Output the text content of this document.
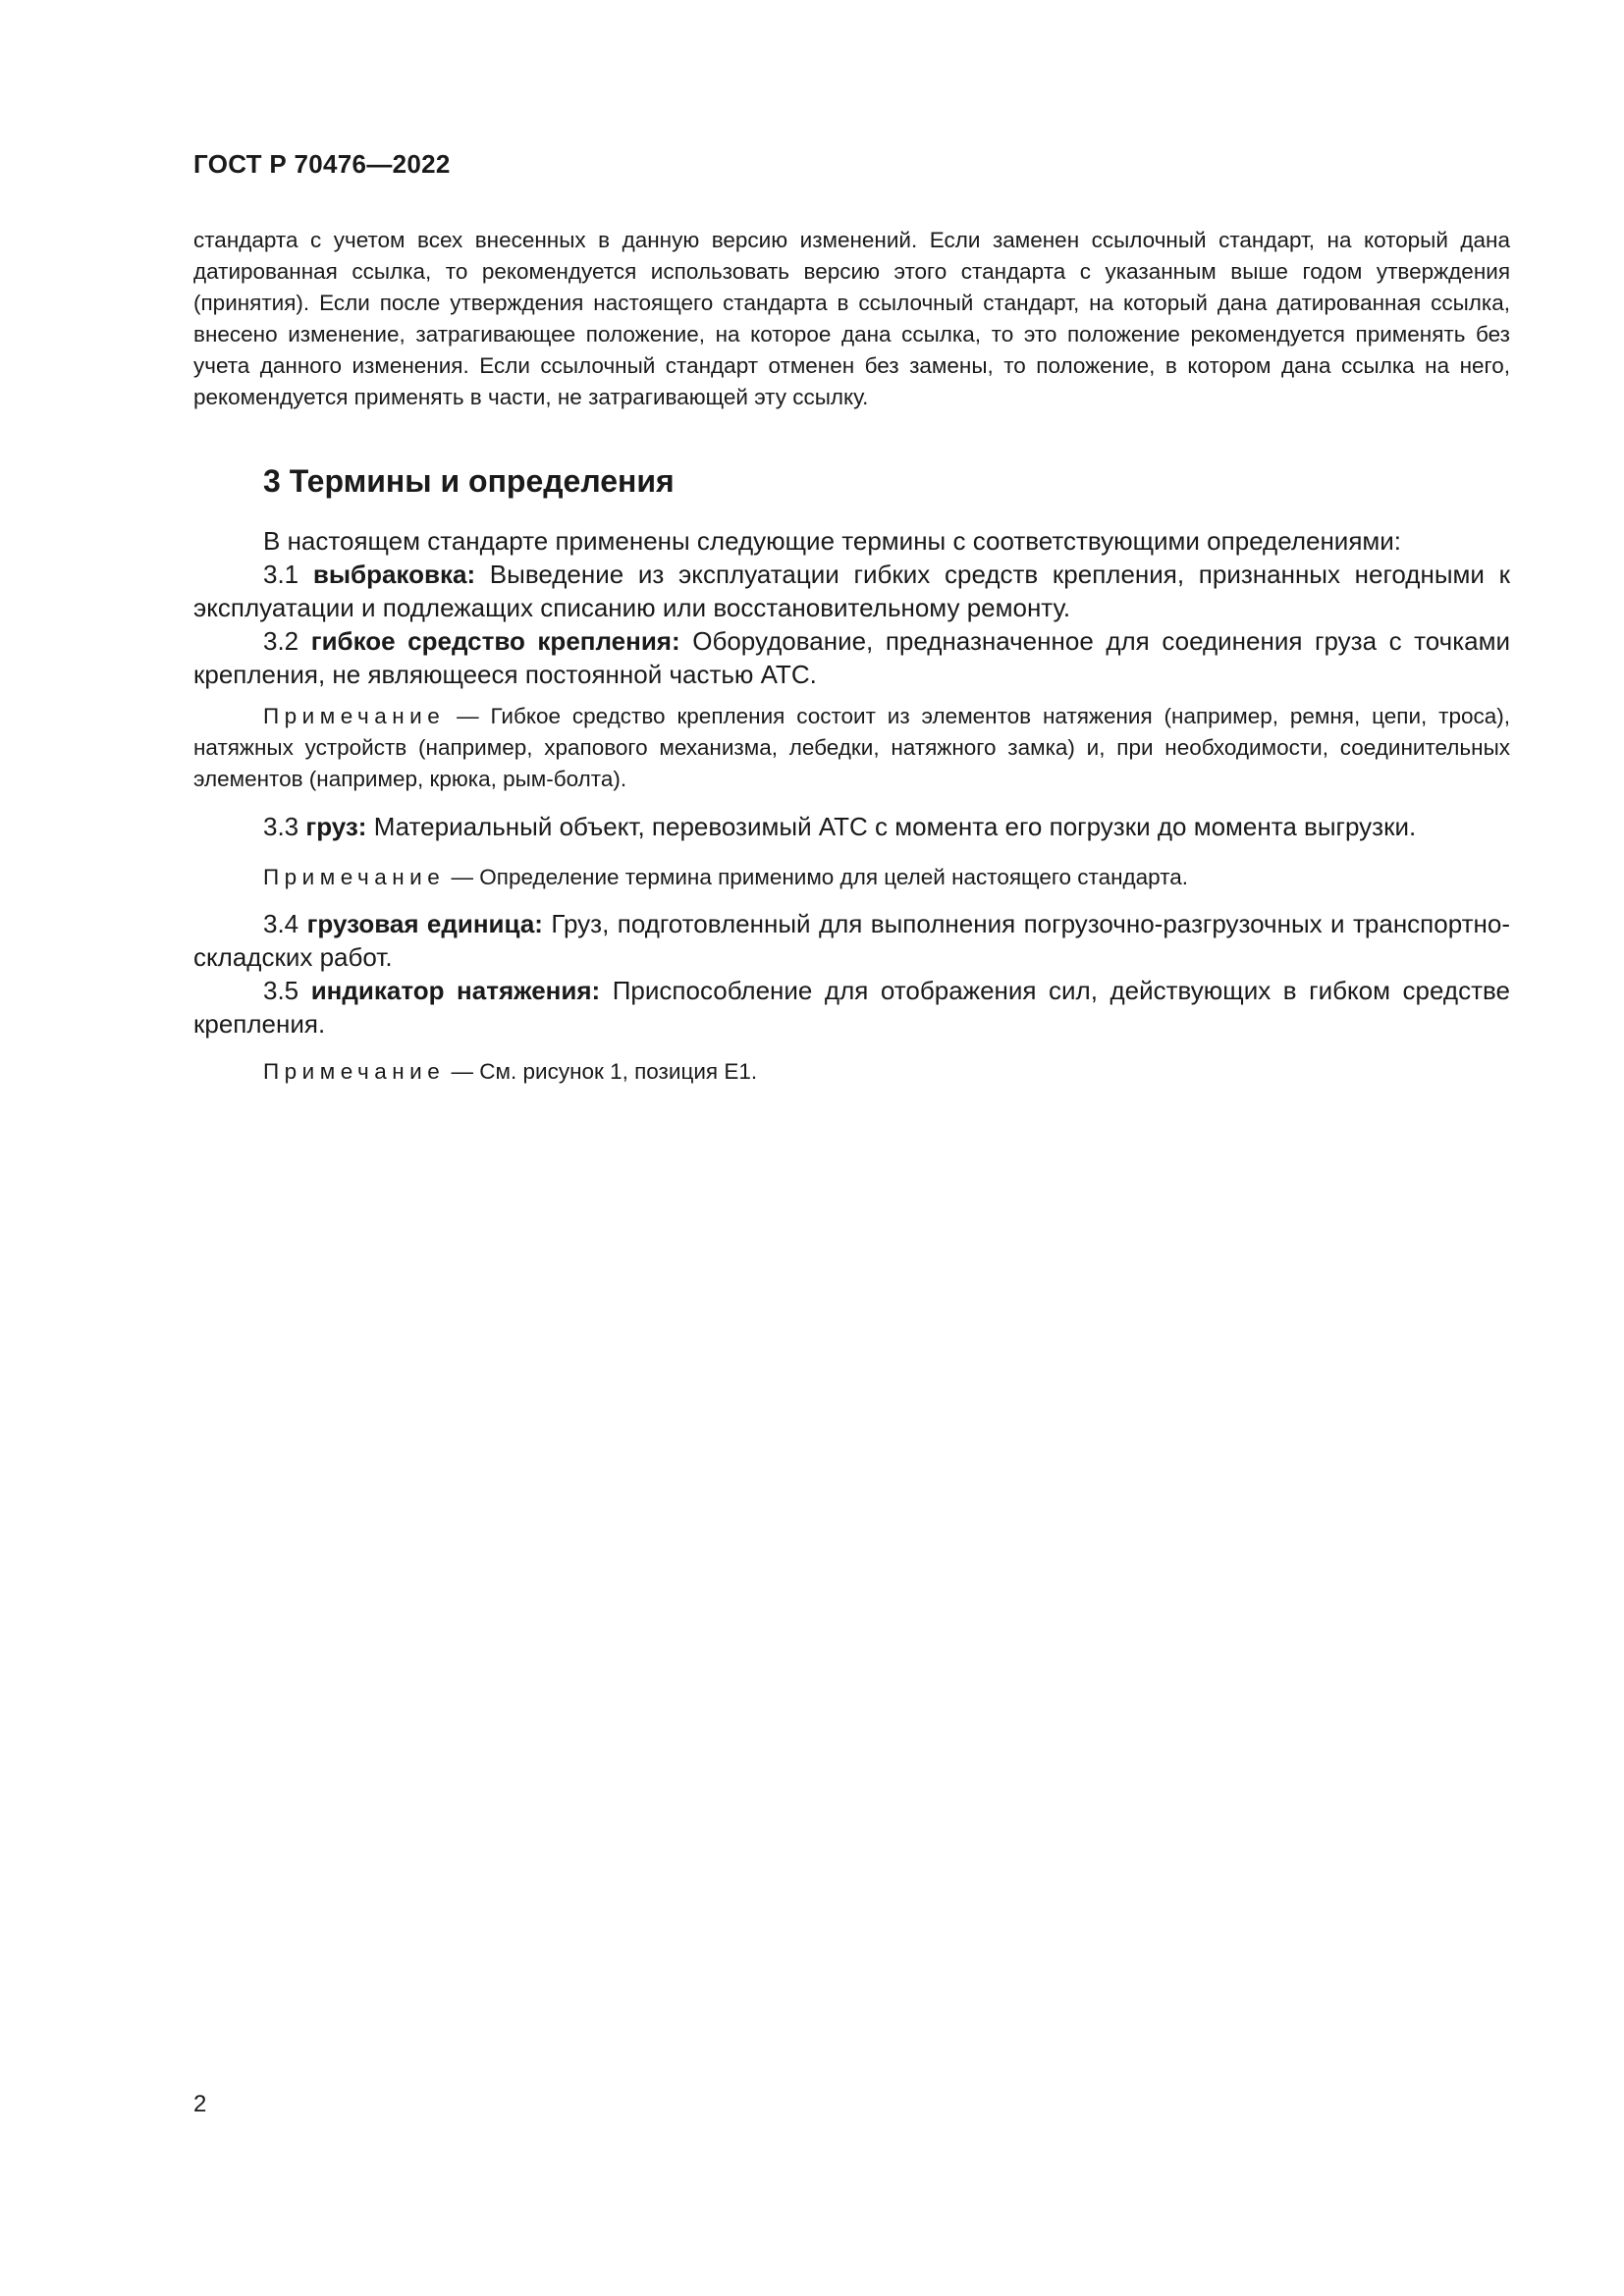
ГОСТ Р 70476—2022

стандарта с учетом всех внесенных в данную версию изменений. Если заменен ссылочный стандарт, на который дана датированная ссылка, то рекомендуется использовать версию этого стандарта с указанным выше годом утверждения (принятия). Если после утверждения настоящего стандарта в ссылочный стандарт, на который дана датированная ссылка, внесено изменение, затрагивающее положение, на которое дана ссылка, то это положение рекомендуется применять без учета данного изменения. Если ссылочный стандарт отменен без замены, то положение, в котором дана ссылка на него, рекомендуется применять в части, не затрагивающей эту ссылку.

3 Термины и определения

В настоящем стандарте применены следующие термины с соответствующими определениями:

3.1 выбраковка: Выведение из эксплуатации гибких средств крепления, признанных негодными к эксплуатации и подлежащих списанию или восстановительному ремонту.

3.2 гибкое средство крепления: Оборудование, предназначенное для соединения груза с точками крепления, не являющееся постоянной частью АТС.

Примечание — Гибкое средство крепления состоит из элементов натяжения (например, ремня, цепи, троса), натяжных устройств (например, храпового механизма, лебедки, натяжного замка) и, при необходимости, соединительных элементов (например, крюка, рым-болта).

3.3 груз: Материальный объект, перевозимый АТС с момента его погрузки до момента выгрузки.

Примечание — Определение термина применимо для целей настоящего стандарта.

3.4 грузовая единица: Груз, подготовленный для выполнения погрузочно-разгрузочных и транспортно-складских работ.

3.5 индикатор натяжения: Приспособление для отображения сил, действующих в гибком средстве крепления.

Примечание — См. рисунок 1, позиция Е1.

2
